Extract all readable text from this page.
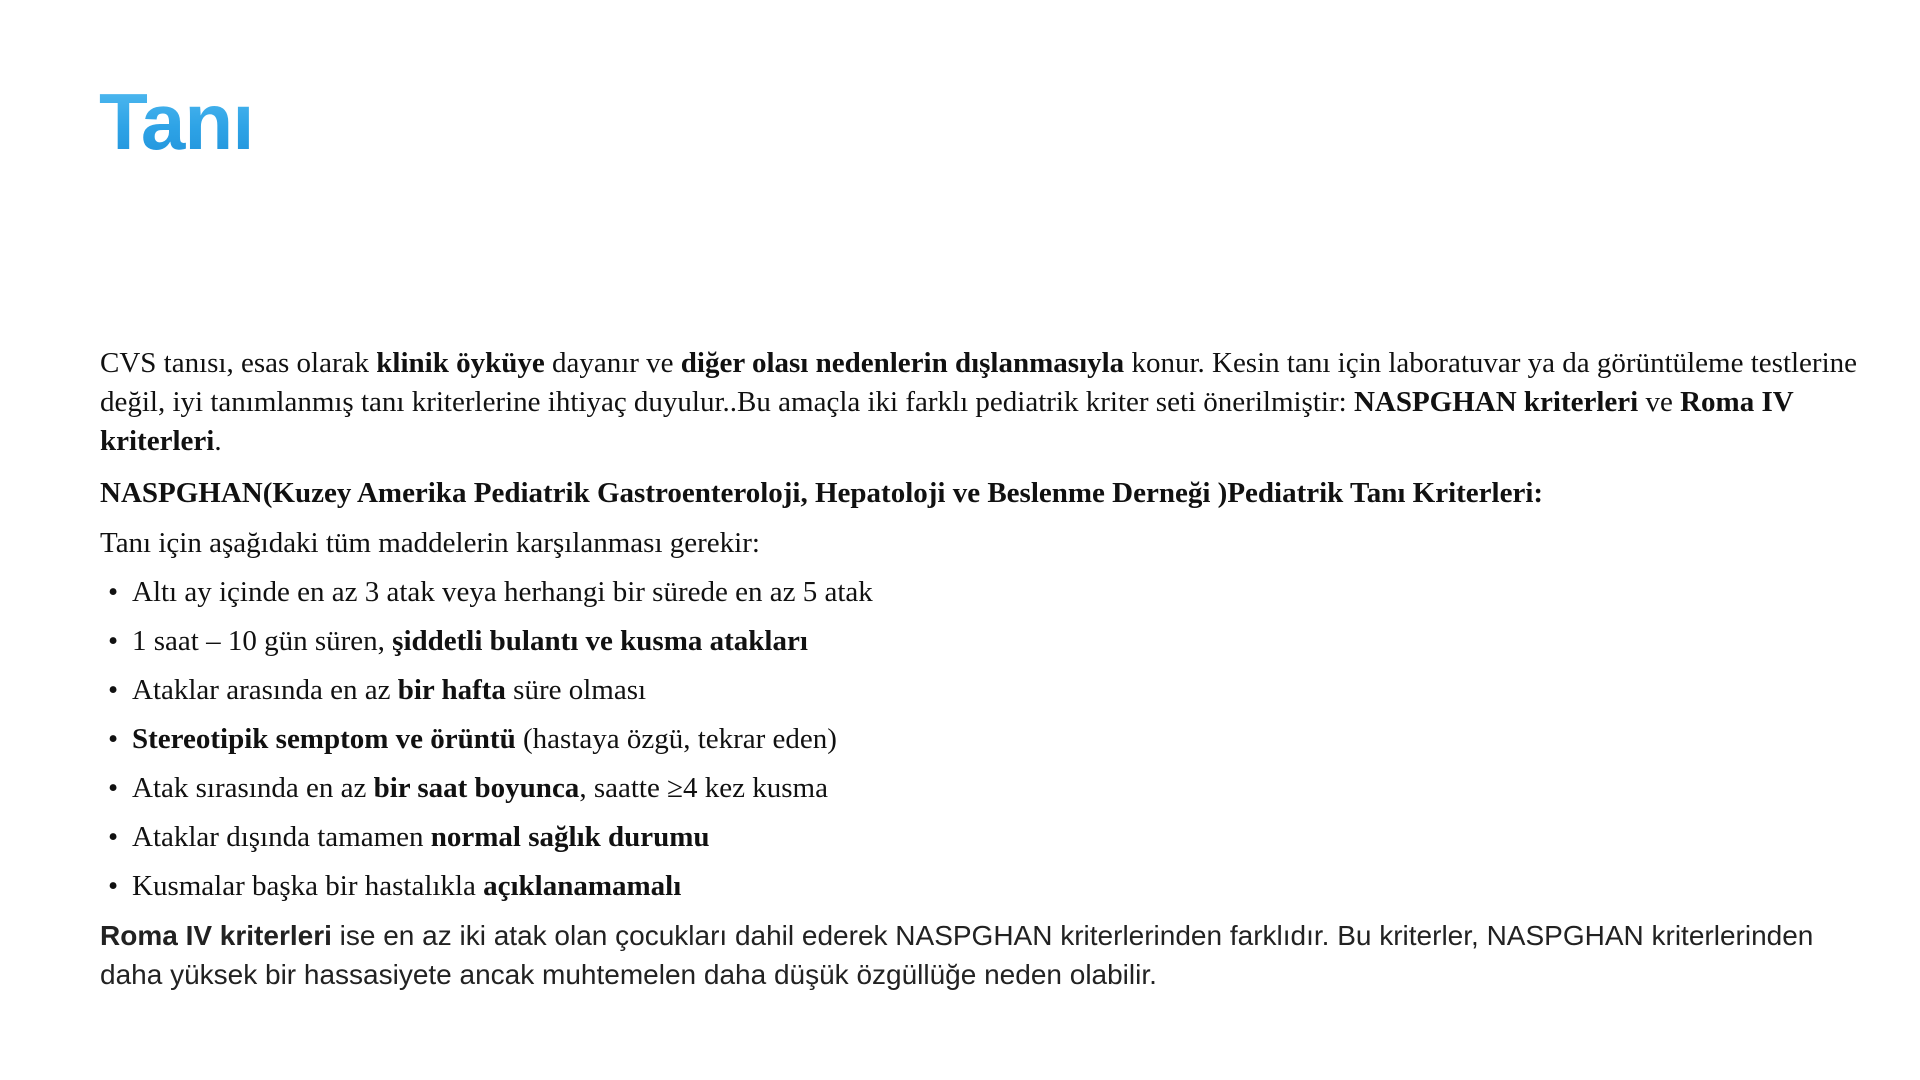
Tanı

CVS tanısı, esas olarak klinik öyküye dayanır ve diğer olası nedenlerin dışlanmasıyla konur. Kesin tanı için laboratuvar ya da görüntüleme testlerine değil, iyi tanımlanmış tanı kriterlerine ihtiyaç duyulur..Bu amaçla iki farklı pediatrik kriter seti önerilmiştir: NASPGHAN kriterleri ve Roma IV kriterleri.

NASPGHAN(Kuzey Amerika Pediatrik Gastroenteroloji, Hepatoloji ve Beslenme Derneği )Pediatrik Tanı Kriterleri:

Tanı için aşağıdaki tüm maddelerin karşılanması gerekir:

• Altı ay içinde en az 3 atak veya herhangi bir sürede en az 5 atak
• 1 saat – 10 gün süren, şiddetli bulantı ve kusma atakları
• Ataklar arasında en az bir hafta süre olması
• Stereotipik semptom ve örüntü (hastaya özgü, tekrar eden)
• Atak sırasında en az bir saat boyunca, saatte ≥4 kez kusma
• Ataklar dışında tamamen normal sağlık durumu
• Kusmalar başka bir hastalıkla açıklanamamalı

Roma IV kriterleri ise en az iki atak olan çocukları dahil ederek NASPGHAN kriterlerinden farklıdır. Bu kriterler, NASPGHAN kriterlerinden daha yüksek bir hassasiyete ancak muhtemelen daha düşük özgüllüğe neden olabilir.
